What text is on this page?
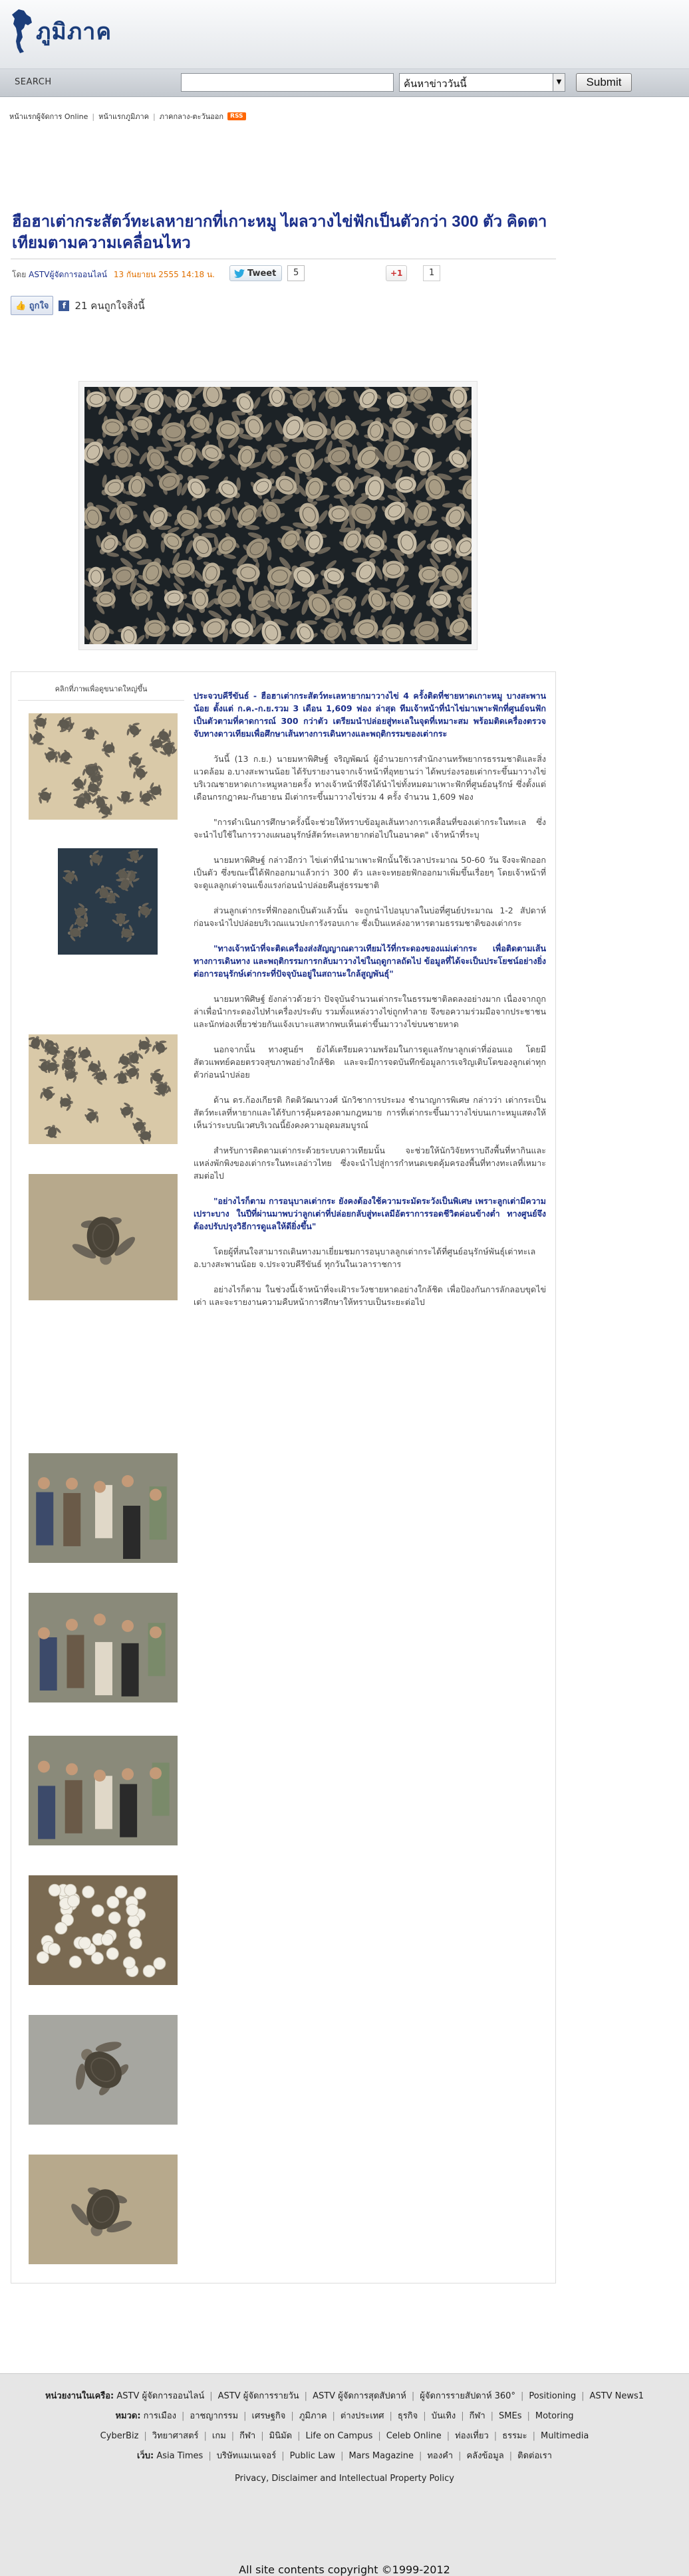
ภูมิภาค
SEARCH	ค้นหาข่าววันนี้	▼	Submit
หน้าแรกผู้จัดการ Online | หน้าแรกภูมิภาค | ภาคกลาง-ตะวันออก	RSS
ฮือฮาเต่ากระสัตว์ทะเลหายากที่เกาะหมู ไผลวางไข่ฟักเป็นตัวกว่า 300 ตัว คิดตาเทียมตามความเคลื่อนไหว
โดย ASTVผู้จัดการออนไลน์ 13 กันยายน 2555 14:18 น.	Tweet	5	+1	1
👍 ถูกใจ	f 21 คนถูกใจสิ่งนี้
คลิกที่ภาพเพื่อดูขนาดใหญ่ขึ้น

ประจวบคีรีขันธ์ - ฮือฮาเต่ากระสัตว์ทะเลหายากมาวางไข่ 4 ครั้งติดที่ชายหาดเกาะหมู บางสะพานน้อย ตั้งแต่ ก.ค.-ก.ย.รวม 3 เดือน 1,609 ฟอง ล่าสุด ทีมเจ้าหน้าที่นำไข่มาเพาะฟักที่ศูนย์จนฟักเป็นตัวตามที่คาดการณ์ 300 กว่าตัว เตรียมนำปล่อยสู่ทะเลในจุดที่เหมาะสม พร้อมติดเครื่องตรวจจับทางดาวเทียมเพื่อศึกษาเส้นทางการเดินทางและพฤติกรรมของเต่ากระ

วันนี้ (13 ก.ย.) นายมหาพิศิษฐ์ จริญพัฒน์ ผู้อำนวยการสำนักงานทรัพยากรธรรมชาติและสิ่งแวดล้อม อ.บางสะพานน้อย ได้รับรายงานจากเจ้าหน้าที่อุทยานว่า ได้พบร่องรอยเต่ากระขึ้นมาวางไข่บริเวณชายหาดเกาะหมูหลายครั้ง ทางเจ้าหน้าที่จึงได้นำไข่ทั้งหมดมาเพาะฟักที่ศูนย์อนุรักษ์ ซึ่งตั้งแต่เดือนกรกฎาคม-กันยายน มีเต่ากระขึ้นมาวางไข่รวม 4 ครั้ง จำนวน 1,609 ฟอง

"การดำเนินการศึกษาครั้งนี้จะช่วยให้ทราบข้อมูลเส้นทางการเคลื่อนที่ของเต่ากระในทะเล ซึ่งจะนำไปใช้ในการวางแผนอนุรักษ์สัตว์ทะเลหายากต่อไปในอนาคต" เจ้าหน้าที่ระบุ

นายมหาพิศิษฐ์ กล่าวอีกว่า ไข่เต่าที่นำมาเพาะฟักนั้นใช้เวลาประมาณ 50-60 วัน จึงจะฟักออกเป็นตัว ซึ่งขณะนี้ได้ฟักออกมาแล้วกว่า 300 ตัว และจะทยอยฟักออกมาเพิ่มขึ้นเรื่อยๆ โดยเจ้าหน้าที่จะดูแลลูกเต่าจนแข็งแรงก่อนนำปล่อยคืนสู่ธรรมชาติ

ส่วนลูกเต่ากระที่ฟักออกเป็นตัวแล้วนั้น จะถูกนำไปอนุบาลในบ่อที่ศูนย์ประมาณ 1-2 สัปดาห์ ก่อนจะนำไปปล่อยบริเวณแนวปะการังรอบเกาะ ซึ่งเป็นแหล่งอาหารตามธรรมชาติของเต่ากระ

"ทางเจ้าหน้าที่จะติดเครื่องส่งสัญญาณดาวเทียมไว้ที่กระดองของแม่เต่ากระ เพื่อติดตามเส้นทางการเดินทาง และพฤติกรรมการกลับมาวางไข่ในฤดูกาลถัดไป ข้อมูลที่ได้จะเป็นประโยชน์อย่างยิ่งต่อการอนุรักษ์เต่ากระที่ปัจจุบันอยู่ในสถานะใกล้สูญพันธุ์"

นายมหาพิศิษฐ์ ยังกล่าวด้วยว่า ปัจจุบันจำนวนเต่ากระในธรรมชาติลดลงอย่างมาก เนื่องจากถูกล่าเพื่อนำกระดองไปทำเครื่องประดับ รวมทั้งแหล่งวางไข่ถูกทำลาย จึงขอความร่วมมือจากประชาชนและนักท่องเที่ยวช่วยกันแจ้งเบาะแสหากพบเห็นเต่าขึ้นมาวางไข่บนชายหาด

นอกจากนั้น ทางศูนย์ฯ ยังได้เตรียมความพร้อมในการดูแลรักษาลูกเต่าที่อ่อนแอ โดยมีสัตวแพทย์คอยตรวจสุขภาพอย่างใกล้ชิด และจะมีการจดบันทึกข้อมูลการเจริญเติบโตของลูกเต่าทุกตัวก่อนนำปล่อย

ด้าน ดร.ก้องเกียรติ กิตติวัฒนาวงศ์ นักวิชาการประมง ชำนาญการพิเศษ กล่าวว่า เต่ากระเป็นสัตว์ทะเลที่หายากและได้รับการคุ้มครองตามกฎหมาย การที่เต่ากระขึ้นมาวางไข่บนเกาะหมูแสดงให้เห็นว่าระบบนิเวศบริเวณนี้ยังคงความอุดมสมบูรณ์

สำหรับการติดตามเต่ากระด้วยระบบดาวเทียมนั้น จะช่วยให้นักวิจัยทราบถึงพื้นที่หากินและแหล่งพักพิงของเต่ากระในทะเลอ่าวไทย ซึ่งจะนำไปสู่การกำหนดเขตคุ้มครองพื้นที่ทางทะเลที่เหมาะสมต่อไป

"อย่างไรก็ตาม การอนุบาลเต่ากระ ยังคงต้องใช้ความระมัดระวังเป็นพิเศษ เพราะลูกเต่ามีความเปราะบาง ในปีที่ผ่านมาพบว่าลูกเต่าที่ปล่อยกลับสู่ทะเลมีอัตราการรอดชีวิตค่อนข้างต่ำ ทางศูนย์จึงต้องปรับปรุงวิธีการดูแลให้ดียิ่งขึ้น"

โดยผู้ที่สนใจสามารถเดินทางมาเยี่ยมชมการอนุบาลลูกเต่ากระได้ที่ศูนย์อนุรักษ์พันธุ์เต่าทะเล อ.บางสะพานน้อย จ.ประจวบคีรีขันธ์ ทุกวันในเวลาราชการ

อย่างไรก็ตาม ในช่วงนี้เจ้าหน้าที่จะเฝ้าระวังชายหาดอย่างใกล้ชิด เพื่อป้องกันการลักลอบขุดไข่เต่า และจะรายงานความคืบหน้าการศึกษาให้ทราบเป็นระยะต่อไป

หน่วยงานในเครือ: ASTV ผู้จัดการออนไลน์ | ASTV ผู้จัดการรายวัน | ASTV ผู้จัดการสุดสัปดาห์ | ผู้จัดการรายสัปดาห์ 360° | Positioning | ASTV News1
หมวด: การเมือง | อาชญากรรม | เศรษฐกิจ | ภูมิภาค | ต่างประเทศ | ธุรกิจ | บันเทิง | กีฬา | SMEs | Motoring
CyberBiz | วิทยาศาสตร์ | เกม | กีฬา | มินิมัด | Life on Campus | Celeb Online | ท่องเที่ยว | ธรรมะ | Multimedia
เว็บ: Asia Times | บริษัทแมเนเจอร์ | Public Law | Mars Magazine | ทองคำ | คลังข้อมูล | ติดต่อเรา
Privacy, Disclaimer and Intellectual Property Policy
All site contents copyright ©1999-2012
